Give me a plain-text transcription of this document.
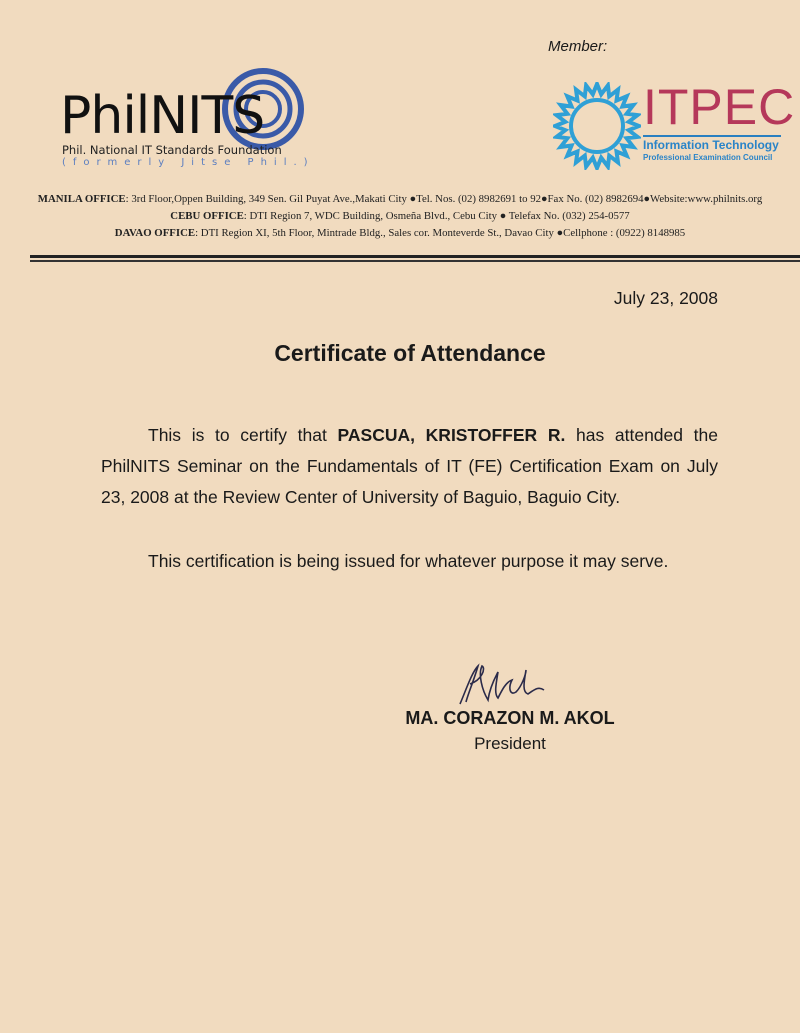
Member:
PhilNITS
Phil. National IT Standards Foundation
(formerly Jitse Phil.)
ITPEC
Information Technology
Professional Examination Council
MANILA OFFICE: 3rd Floor,Oppen Building, 349 Sen. Gil Puyat Ave.,Makati City ●Tel. Nos. (02) 8982691 to 92●Fax No. (02) 8982694●Website:www.philnits.org
CEBU OFFICE: DTI Region 7, WDC Building, Osmeña Blvd., Cebu City ● Telefax No. (032) 254-0577
DAVAO OFFICE: DTI Region XI, 5th Floor, Mintrade Bldg., Sales cor. Monteverde St., Davao City ●Cellphone : (0922) 8148985
July 23, 2008
Certificate of Attendance
This is to certify that PASCUA, KRISTOFFER R. has attended the PhilNITS Seminar on the Fundamentals of IT (FE) Certification Exam on July 23, 2008 at the Review Center of University of Baguio, Baguio City.
This certification is being issued for whatever purpose it may serve.
MA. CORAZON M. AKOL
President
